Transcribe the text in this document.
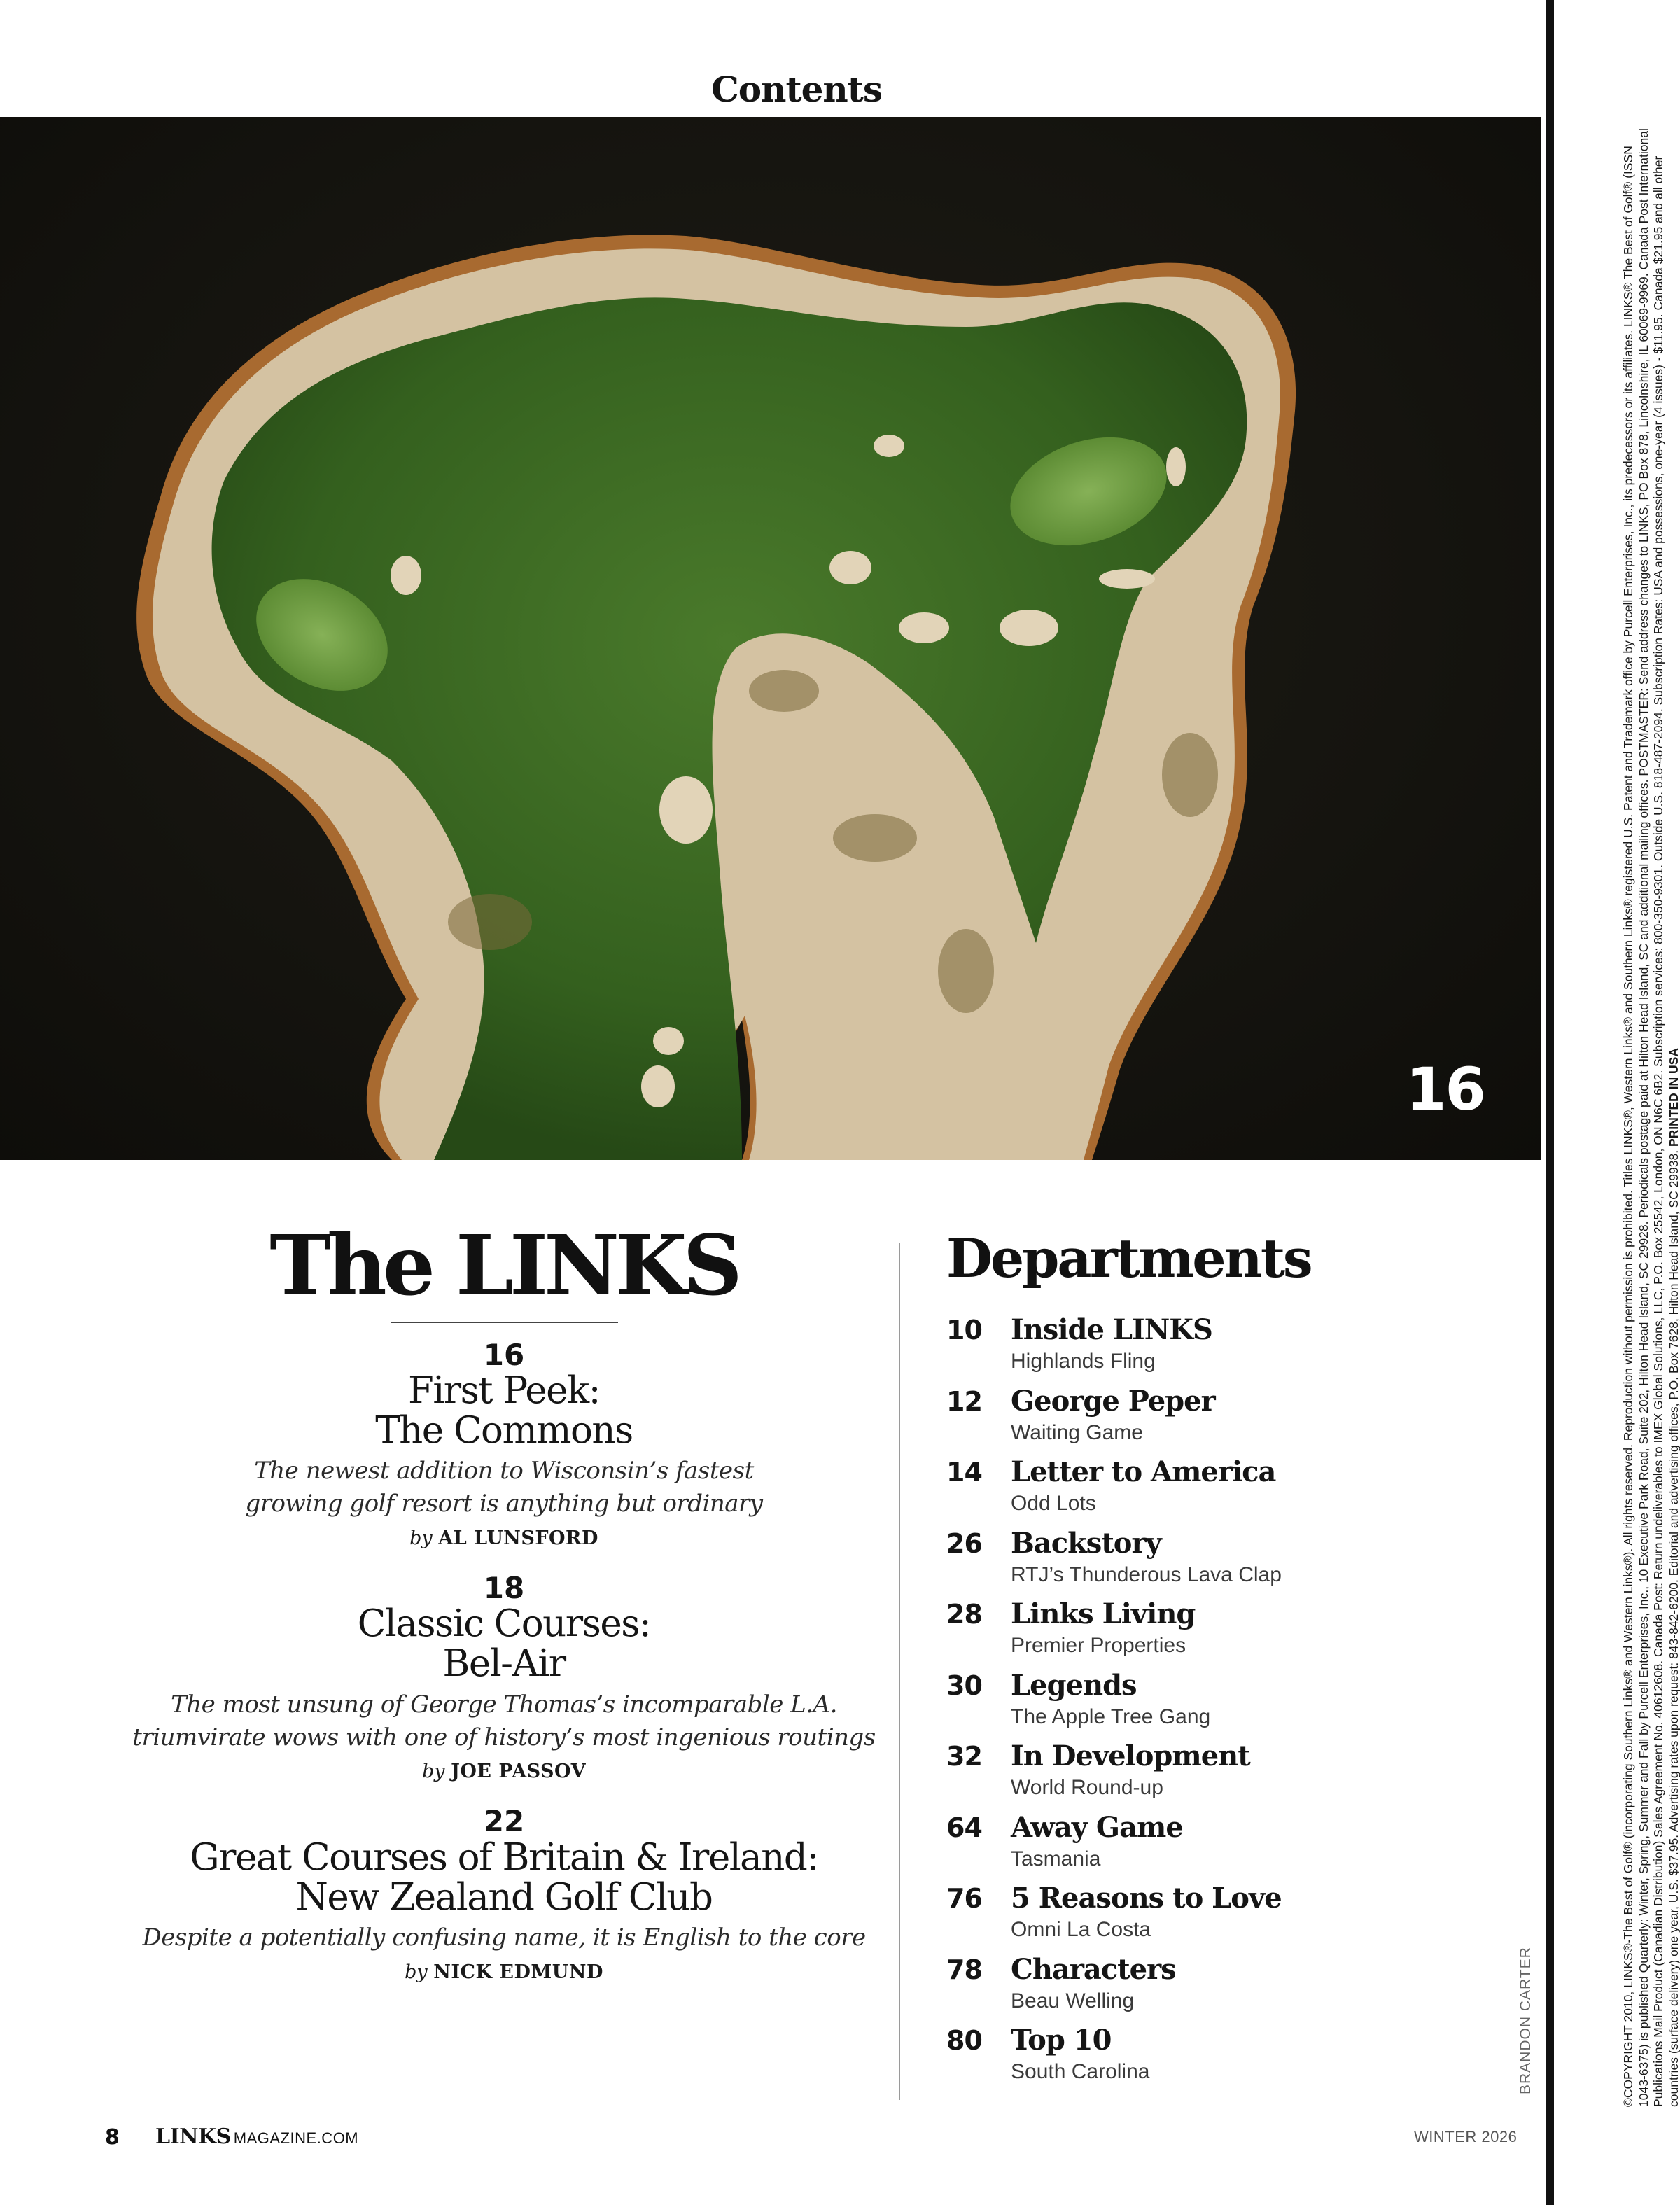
Contents
16
The LINKS
16
First Peek:
The Commons
The newest addition to Wisconsin’s fastest
growing golf resort is anything but ordinary
by AL LUNSFORD
18
Classic Courses:
Bel-Air
The most unsung of George Thomas’s incomparable L.A.
triumvirate wows with one of history’s most ingenious routings
by JOE PASSOV
22
Great Courses of Britain & Ireland:
New Zealand Golf Club
Despite a potentially confusing name, it is English to the core
by NICK EDMUND
Departments
10 Inside LINKS
Highlands Fling
12 George Peper
Waiting Game
14 Letter to America
Odd Lots
26 Backstory
RTJ’s Thunderous Lava Clap
28 Links Living
Premier Properties
30 Legends
The Apple Tree Gang
32 In Development
World Round-up
64 Away Game
Tasmania
76 5 Reasons to Love
Omni La Costa
78 Characters
Beau Welling
80 Top 10
South Carolina
8 LINKS MAGAZINE.COM	WINTER 2026
BRANDON CARTER	©COPYRIGHT 2010, LINKS®-The Best of Golf® (incorporating Southern Links® and Western Links®). All rights reserved. Reproduction without permission is prohibited. Titles LINKS®, Western Links® and Southern Links® registered U.S. Patent and Trademark office by Purcell Enterprises, Inc., its predecessors or its affiliates. LINKS® The Best of Golf® (ISSN 1043-6375) is published Quarterly: Winter, Spring, Summer and Fall by Purcell Enterprises, Inc., 10 Executive Park Road, Suite 202, Hilton Head Island, SC 29928. Periodicals postage paid at Hilton Head Island, SC and additional mailing offices. POSTMASTER: Send address changes to LINKS, PO Box 878, Lincolnshire, IL 60069-9969. Canada Post International Publications Mail Product (Canadian Distribution) Sales Agreement No. 40612608. Canada Post: Return undeliverables to IMEX Global Solutions, LLC, P.O. Box 25542, London, ON N6C 6B2. Subscription services: 800-350-9301. Outside U.S. 818-487-2094. Subscription Rates: USA and possessions, one-year (4 issues) - $11.95. Canada $21.95 and all other countries (surface delivery) one year, U.S. $37.95. Advertising rates upon request: 843-842-6200. Editorial and advertising offices, P.O. Box 7628, Hilton Head Island, SC 29938. PRINTED IN USA
